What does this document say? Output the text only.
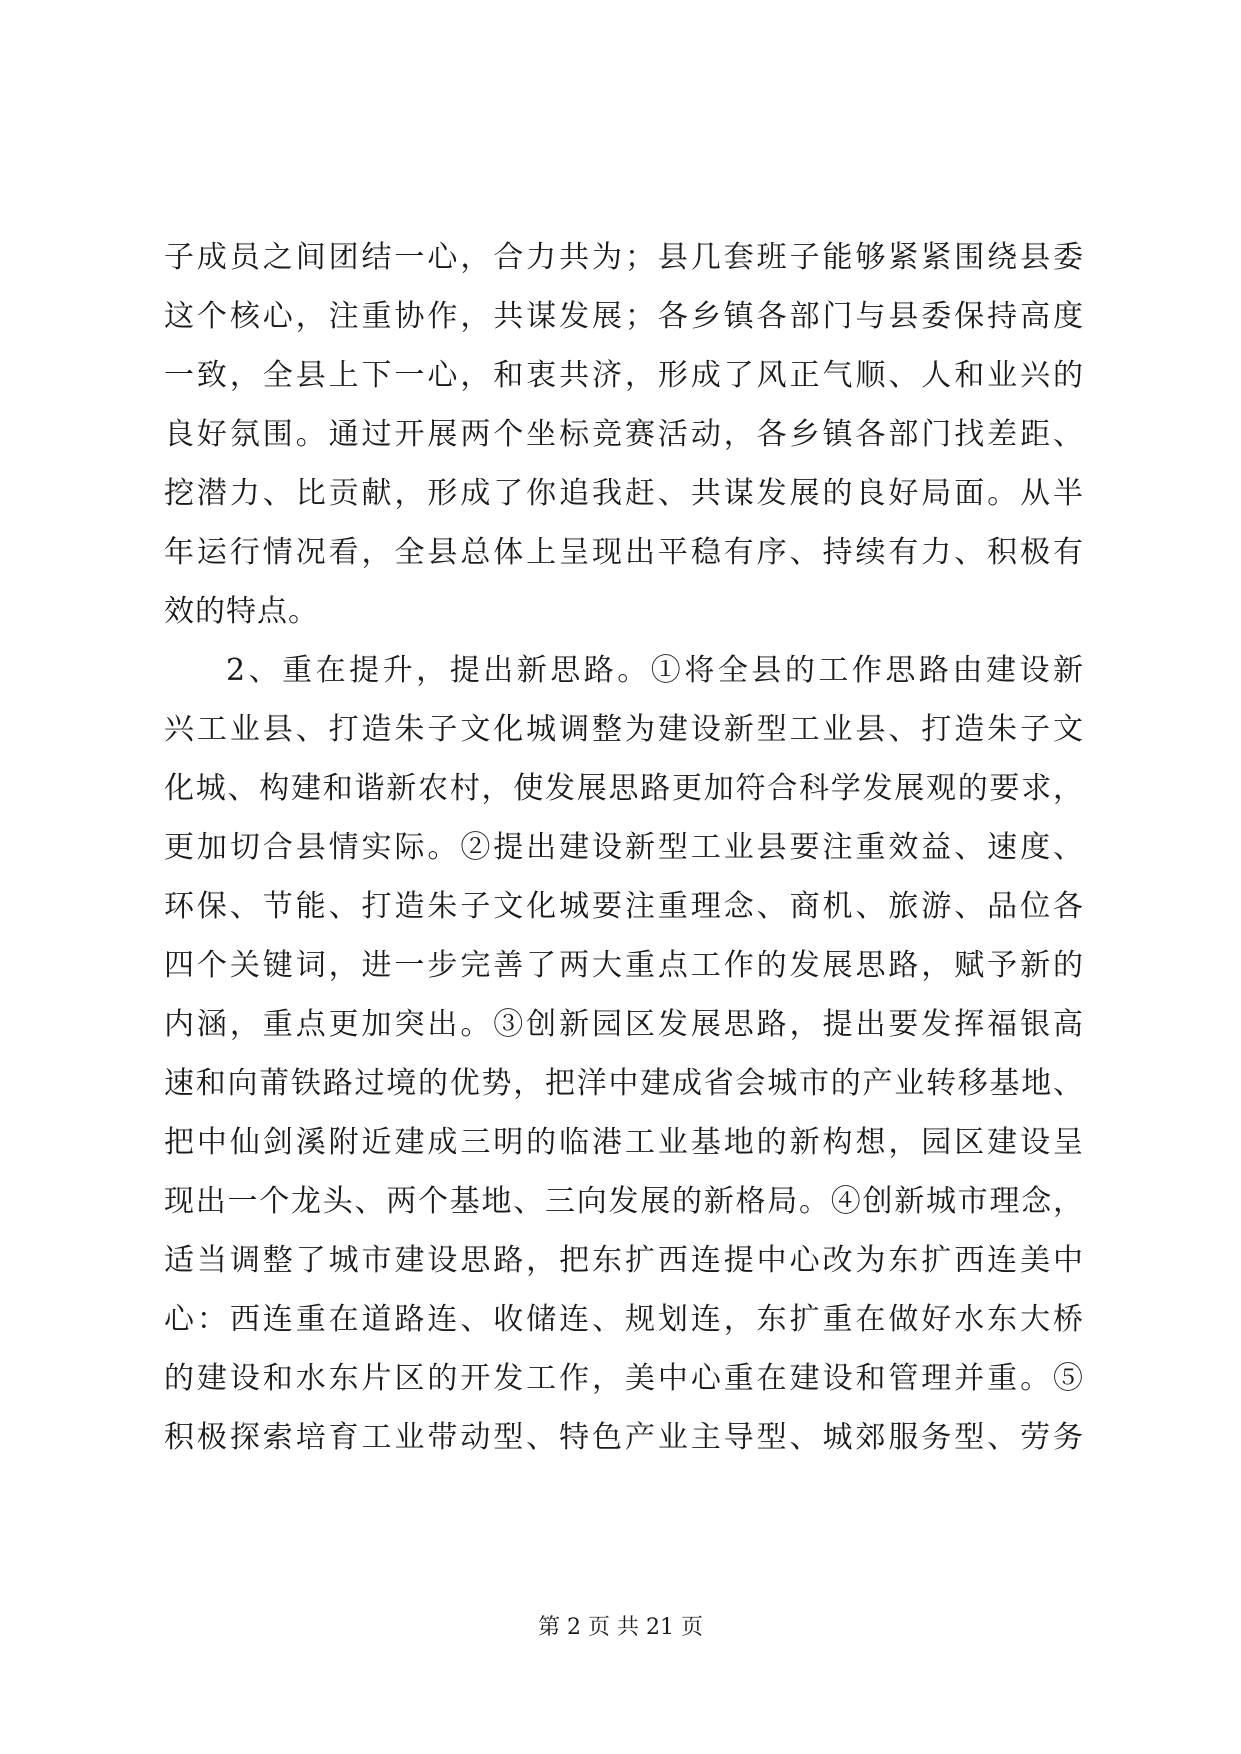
子成员之间团结一心，合力共为；县几套班子能够紧紧围绕县委
这个核心，注重协作，共谋发展；各乡镇各部门与县委保持高度
一致，全县上下一心，和衷共济，形成了风正气顺、人和业兴的
良好氛围。通过开展两个坐标竞赛活动，各乡镇各部门找差距、
挖潜力、比贡献，形成了你追我赶、共谋发展的良好局面。从半
年运行情况看，全县总体上呈现出平稳有序、持续有力、积极有
效的特点。
2、重在提升，提出新思路。①将全县的工作思路由建设新
兴工业县、打造朱子文化城调整为建设新型工业县、打造朱子文
化城、构建和谐新农村，使发展思路更加符合科学发展观的要求，
更加切合县情实际。②提出建设新型工业县要注重效益、速度、
环保、节能、打造朱子文化城要注重理念、商机、旅游、品位各
四个关键词，进一步完善了两大重点工作的发展思路，赋予新的
内涵，重点更加突出。③创新园区发展思路，提出要发挥福银高
速和向莆铁路过境的优势，把洋中建成省会城市的产业转移基地、
把中仙剑溪附近建成三明的临港工业基地的新构想，园区建设呈
现出一个龙头、两个基地、三向发展的新格局。④创新城市理念，
适当调整了城市建设思路，把东扩西连提中心改为东扩西连美中
心：西连重在道路连、收储连、规划连，东扩重在做好水东大桥
的建设和水东片区的开发工作，美中心重在建设和管理并重。⑤
积极探索培育工业带动型、特色产业主导型、城郊服务型、劳务
第 2 页 共 21 页
